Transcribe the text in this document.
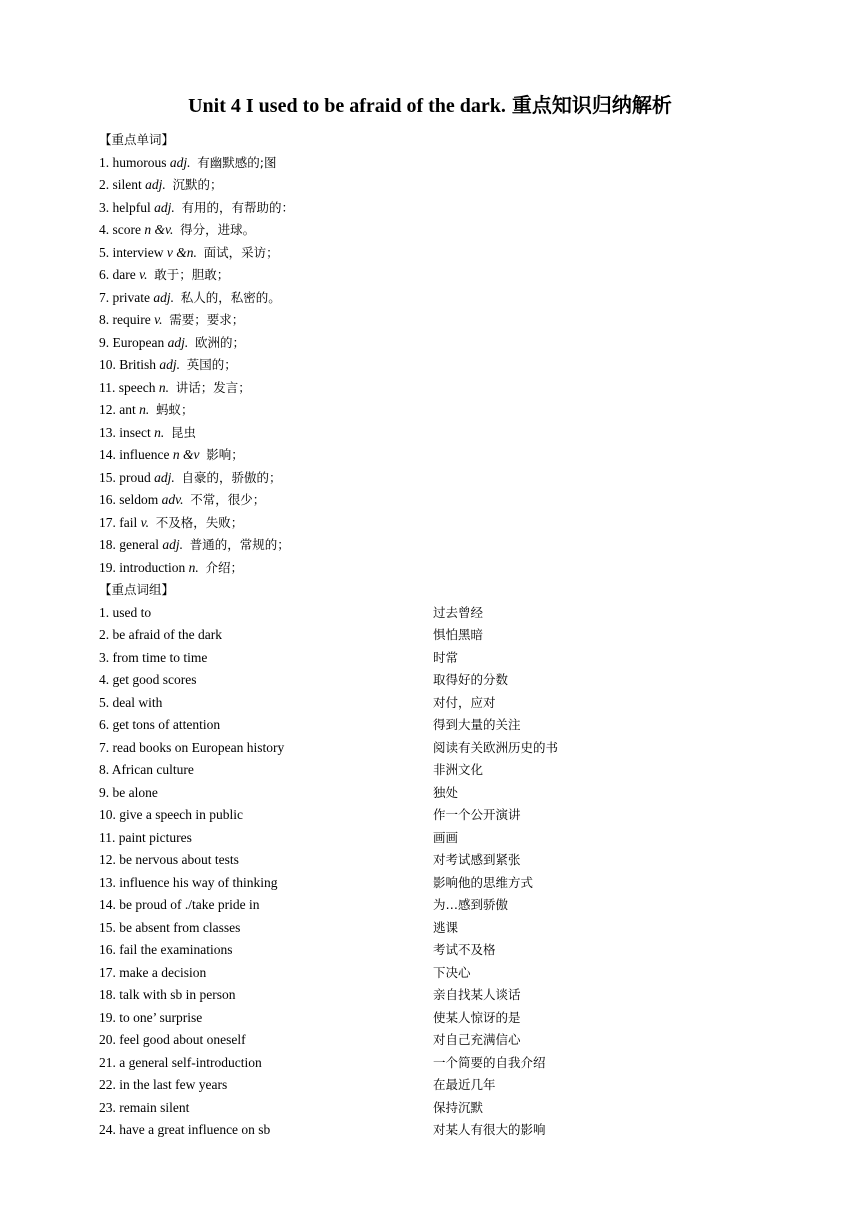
Unit 4 I used to be afraid of the dark. 重点知识归纳解析
【重点单词】
1. humorous adj. 有幽默感的;图
2. silent adj. 沉默的；
3. helpful adj. 有用的，有帮助的：
4. score n &v. 得分，进球。
5. interview v &n. 面试，采访；
6. dare v. 敢于；胆敢；
7. private adj. 私人的，私密的。
8. require v. 需要；要求；
9. European adj. 欧洲的；
10. British adj. 英国的；
11. speech n. 讲话；发言；
12. ant n. 蚂蚁；
13. insect n. 昆虫
14. influence n &v 影响；
15. proud adj. 自豪的，骄傲的；
16. seldom adv. 不常，很少；
17. fail v. 不及格，失败；
18. general adj. 普通的，常规的；
19. introduction n. 介绍；
【重点词组】
1. used to	过去曾经
2. be afraid of the dark	惧怕黑暗
3. from time to time	时常
4. get good scores	取得好的分数
5. deal with	对付，应对
6. get tons of attention	得到大量的关注
7. read books on European history	阅读有关欧洲历史的书
8. African culture	非洲文化
9. be alone	独处
10. give a speech in public	作一个公开演讲
11. paint pictures	画画
12. be nervous about tests	对考试感到紧张
13. influence his way of thinking	影响他的思维方式
14. be proud of ./take pride in	为…感到骄傲
15. be absent from classes	逃课
16. fail the examinations	考试不及格
17. make a decision	下决心
18. talk with sb in person	亲自找某人谈话
19. to one’ surprise	使某人惊讶的是
20. feel good about oneself	对自己充满信心
21. a general self-introduction	一个简要的自我介绍
22. in the last few years	在最近几年
23. remain silent	保持沉默
24. have a great influence on sb	对某人有很大的影响
